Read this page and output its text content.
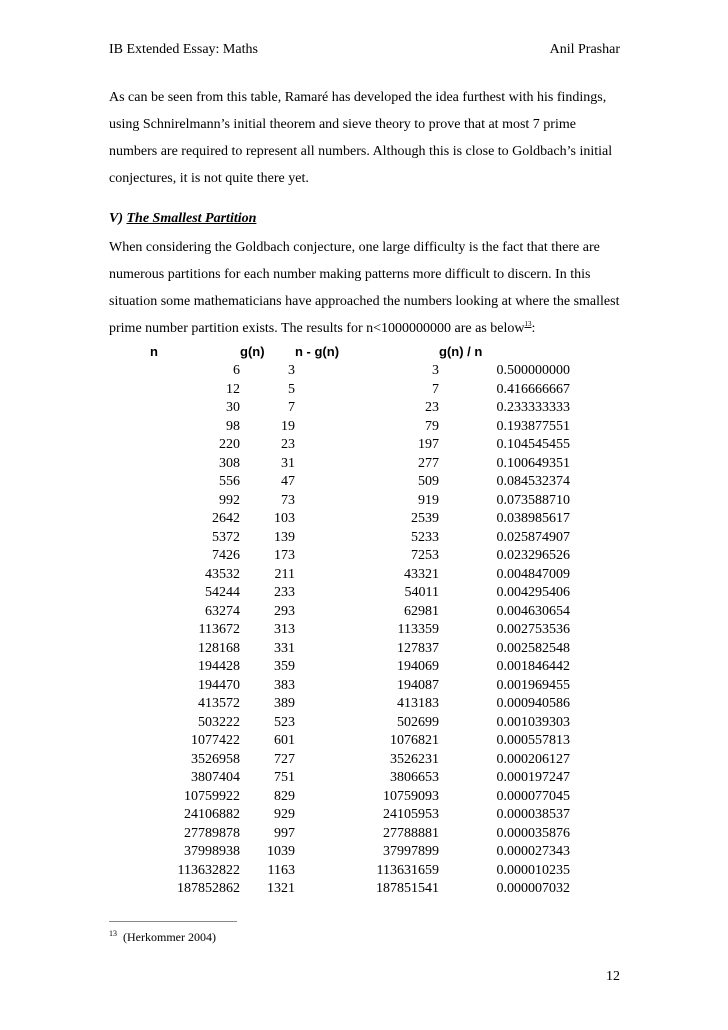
IB Extended Essay: Maths	Anil Prashar
As can be seen from this table, Ramaré has developed the idea furthest with his findings, using Schnirelmann’s initial theorem and sieve theory to prove that at most 7 prime numbers are required to represent all numbers. Although this is close to Goldbach’s initial conjectures, it is not quite there yet.
V) The Smallest Partition
When considering the Goldbach conjecture, one large difficulty is the fact that there are numerous partitions for each number making patterns more difficult to discern. In this situation some mathematicians have approached the numbers looking at where the smallest prime number partition exists. The results for n<1000000000 are as below$^{13}$:
n	g(n)	n - g(n)	g(n) / n
6	3	3	0.500000000
12	5	7	0.416666667
30	7	23	0.233333333
98	19	79	0.193877551
220	23	197	0.104545455
308	31	277	0.100649351
556	47	509	0.084532374
992	73	919	0.073588710
2642	103	2539	0.038985617
5372	139	5233	0.025874907
7426	173	7253	0.023296526
43532	211	43321	0.004847009
54244	233	54011	0.004295406
63274	293	62981	0.004630654
113672	313	113359	0.002753536
128168	331	127837	0.002582548
194428	359	194069	0.001846442
194470	383	194087	0.001969455
413572	389	413183	0.000940586
503222	523	502699	0.001039303
1077422	601	1076821	0.000557813
3526958	727	3526231	0.000206127
3807404	751	3806653	0.000197247
10759922	829	10759093	0.000077045
24106882	929	24105953	0.000038537
27789878	997	27788881	0.000035876
37998938	1039	37997899	0.000027343
113632822	1163	113631659	0.000010235
187852862	1321	187851541	0.000007032
$^{13}$ (Herkommer 2004)
12
